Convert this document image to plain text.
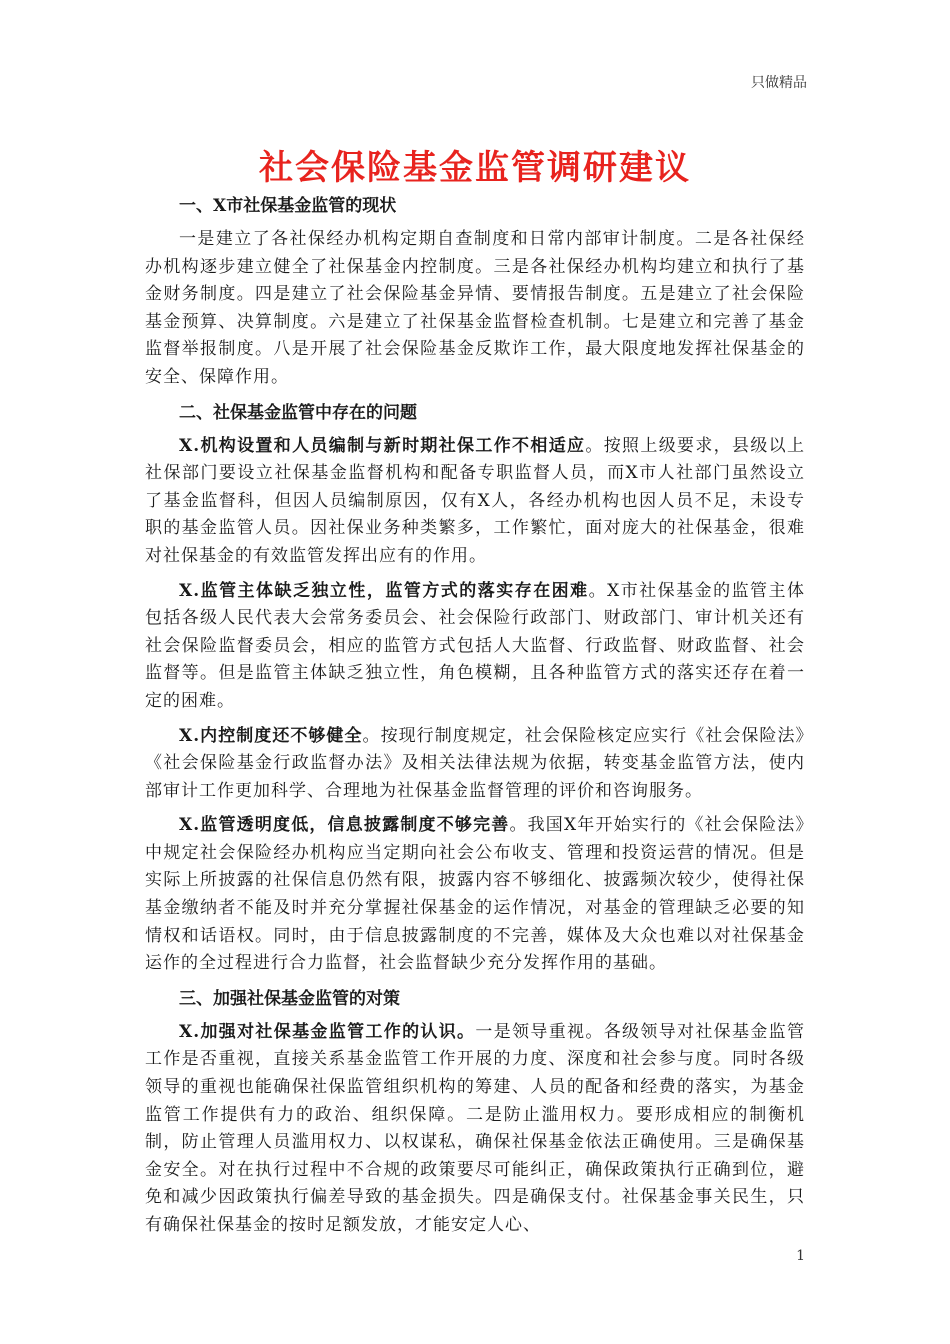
只做精品
社会保险基金监管调研建议
一、X市社保基金监管的现状

一是建立了各社保经办机构定期自查制度和日常内部审计制度。二是各社保经办机构逐步建立健全了社保基金内控制度。三是各社保经办机构均建立和执行了基金财务制度。四是建立了社会保险基金异情、要情报告制度。五是建立了社会保险基金预算、决算制度。六是建立了社保基金监督检查机制。七是建立和完善了基金监督举报制度。八是开展了社会保险基金反欺诈工作，最大限度地发挥社保基金的安全、保障作用。

二、社保基金监管中存在的问题

X.机构设置和人员编制与新时期社保工作不相适应。按照上级要求，县级以上社保部门要设立社保基金监督机构和配备专职监督人员，而X市人社部门虽然设立了基金监督科，但因人员编制原因，仅有X人，各经办机构也因人员不足，未设专职的基金监管人员。因社保业务种类繁多，工作繁忙，面对庞大的社保基金，很难对社保基金的有效监管发挥出应有的作用。

X.监管主体缺乏独立性，监管方式的落实存在困难。X市社保基金的监管主体包括各级人民代表大会常务委员会、社会保险行政部门、财政部门、审计机关还有社会保险监督委员会，相应的监管方式包括人大监督、行政监督、财政监督、社会监督等。但是监管主体缺乏独立性，角色模糊，且各种监管方式的落实还存在着一定的困难。

X.内控制度还不够健全。按现行制度规定，社会保险核定应实行《社会保险法》《社会保险基金行政监督办法》及相关法律法规为依据，转变基金监管方法，使内部审计工作更加科学、合理地为社保基金监督管理的评价和咨询服务。

X.监管透明度低，信息披露制度不够完善。我国X年开始实行的《社会保险法》中规定社会保险经办机构应当定期向社会公布收支、管理和投资运营的情况。但是实际上所披露的社保信息仍然有限，披露内容不够细化、披露频次较少，使得社保基金缴纳者不能及时并充分掌握社保基金的运作情况，对基金的管理缺乏必要的知情权和话语权。同时，由于信息披露制度的不完善，媒体及大众也难以对社保基金运作的全过程进行合力监督，社会监督缺少充分发挥作用的基础。

三、加强社保基金监管的对策

X.加强对社保基金监管工作的认识。一是领导重视。各级领导对社保基金监管工作是否重视，直接关系基金监管工作开展的力度、深度和社会参与度。同时各级领导的重视也能确保社保监管组织机构的筹建、人员的配备和经费的落实，为基金监管工作提供有力的政治、组织保障。二是防止滥用权力。要形成相应的制衡机制，防止管理人员滥用权力、以权谋私，确保社保基金依法正确使用。三是确保基金安全。对在执行过程中不合规的政策要尽可能纠正，确保政策执行正确到位，避免和减少因政策执行偏差导致的基金损失。四是确保支付。社保基金事关民生，只有确保社保基金的按时足额发放，才能安定人心、

1
